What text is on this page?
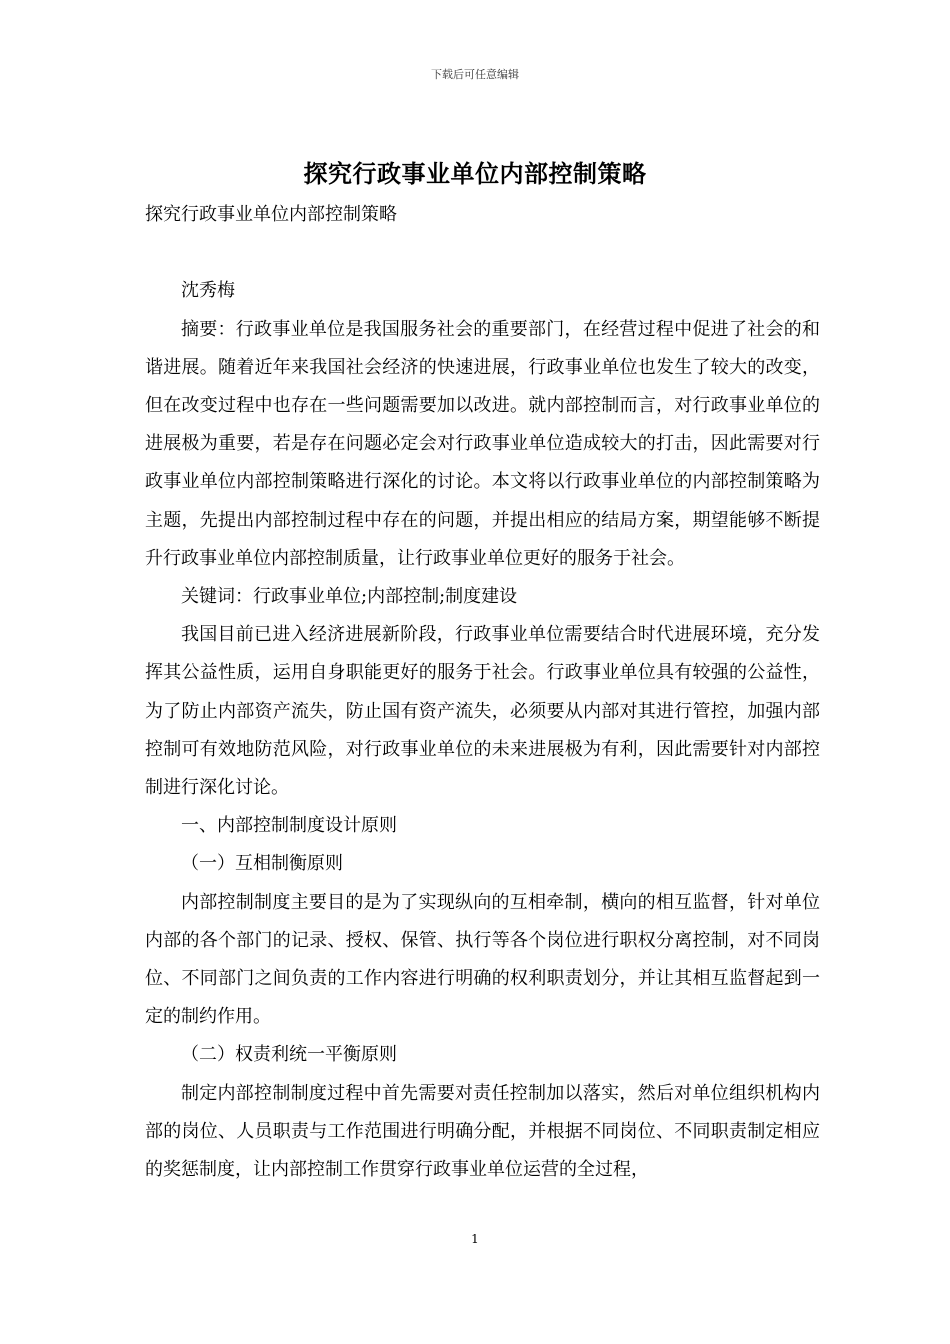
下载后可任意编辑
探究行政事业单位内部控制策略

探究行政事业单位内部控制策略

沈秀梅

摘要：行政事业单位是我国服务社会的重要部门，在经营过程中促进了社会的和谐进展。随着近年来我国社会经济的快速进展，行政事业单位也发生了较大的改变，但在改变过程中也存在一些问题需要加以改进。就内部控制而言，对行政事业单位的进展极为重要，若是存在问题必定会对行政事业单位造成较大的打击，因此需要对行政事业单位内部控制策略进行深化的讨论。本文将以行政事业单位的内部控制策略为主题，先提出内部控制过程中存在的问题，并提出相应的结局方案，期望能够不断提升行政事业单位内部控制质量，让行政事业单位更好的服务于社会。

关键词：行政事业单位;内部控制;制度建设

我国目前已进入经济进展新阶段，行政事业单位需要结合时代进展环境，充分发挥其公益性质，运用自身职能更好的服务于社会。行政事业单位具有较强的公益性，为了防止内部资产流失，防止国有资产流失，必须要从内部对其进行管控，加强内部控制可有效地防范风险，对行政事业单位的未来进展极为有利，因此需要针对内部控制进行深化讨论。

一、内部控制制度设计原则

（一）互相制衡原则

内部控制制度主要目的是为了实现纵向的互相牵制，横向的相互监督，针对单位内部的各个部门的记录、授权、保管、执行等各个岗位进行职权分离控制，对不同岗位、不同部门之间负责的工作内容进行明确的权利职责划分，并让其相互监督起到一定的制约作用。

（二）权责利统一平衡原则

制定内部控制制度过程中首先需要对责任控制加以落实，然后对单位组织机构内部的岗位、人员职责与工作范围进行明确分配，并根据不同岗位、不同职责制定相应的奖惩制度，让内部控制工作贯穿行政事业单位运营的全过程，

1
